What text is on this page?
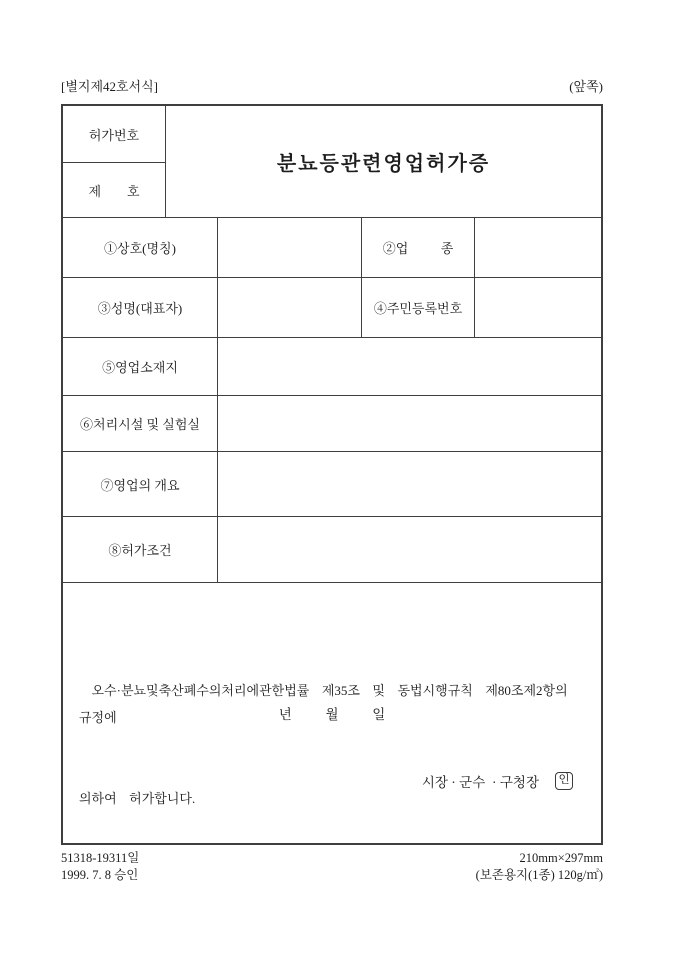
[별지제42호서식]	(앞쪽)
허가번호
제        호
분뇨등관련영업허가증
①상호(명칭)	②업          종
③성명(대표자)	④주민등록번호
⑤영업소재지
⑥처리시설 및 실험실
⑦영업의 개요
⑧허가조건

오수·분뇨및축산폐수의처리에관한법률  제35조  및  동법시행규칙  제80조제2항의  규정에

의하여  허가합니다.

년          월          일
시장 · 군수  · 구청장 인
51318-19311일
1999. 7. 8 승인
210mm×297mm
(보존용지(1종) 120g/㎡)
